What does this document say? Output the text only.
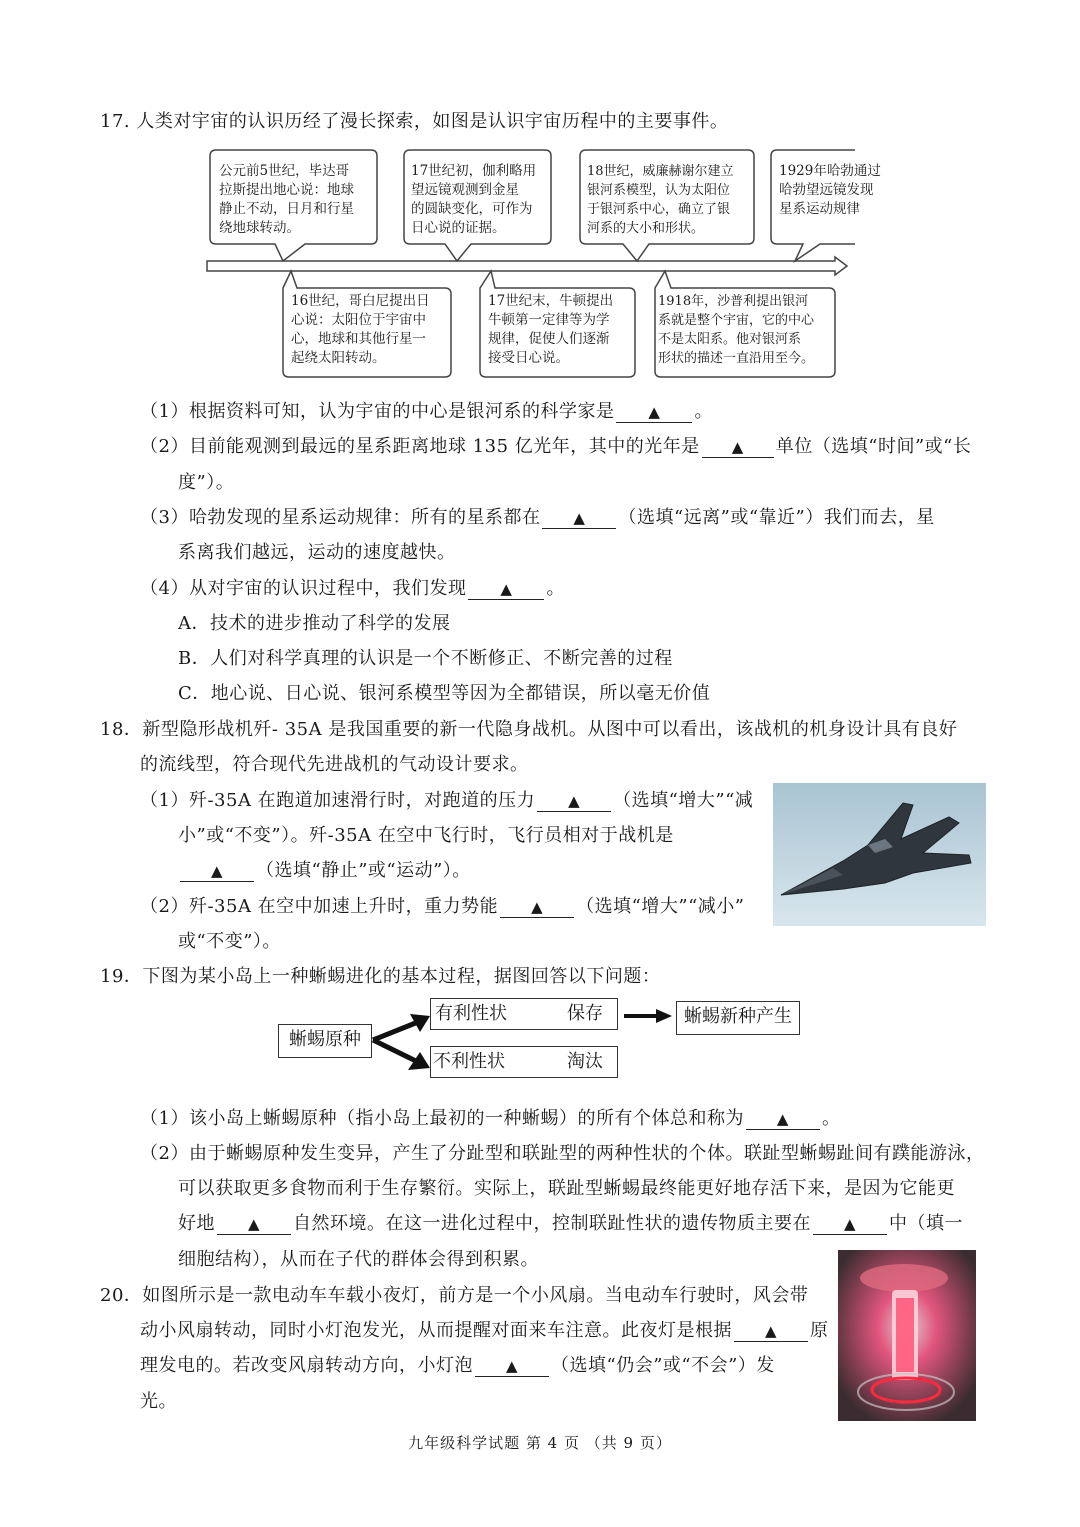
17. 人类对宇宙的认识历经了漫长探索，如图是认识宇宙历程中的主要事件。
公元前5世纪，毕达哥
拉斯提出地心说：地球
静止不动，日月和行星
绕地球转动。
17世纪初，伽利略用
望远镜观测到金星
的圆缺变化，可作为
日心说的证据。
18世纪，威廉赫谢尔建立
银河系模型，认为太阳位
于银河系中心，确立了银
河系的大小和形状。
1929年哈勃通过
哈勃望远镜发现
星系运动规律
16世纪，哥白尼提出日
心说：太阳位于宇宙中
心，地球和其他行星一
起绕太阳转动。
17世纪末，牛顿提出
牛顿第一定律等为学
规律，促使人们逐渐
接受日心说。
1918年，沙普利提出银河
系就是整个宇宙，它的中心
不是太阳系。他对银河系
形状的描述一直沿用至今。
（1）根据资料可知，认为宇宙的中心是银河系的科学家是 ▲ 。
（2）目前能观测到最远的星系距离地球 135 亿光年，其中的光年是 ▲ 单位（选填“时间”或“长
度”）。
（3）哈勃发现的星系运动规律：所有的星系都在 ▲ （选填“远离”或“靠近”）我们而去，星
系离我们越远，运动的速度越快。
（4）从对宇宙的认识过程中，我们发现 ▲ 。
A．技术的进步推动了科学的发展
B．人们对科学真理的认识是一个不断修正、不断完善的过程
C．地心说、日心说、银河系模型等因为全都错误，所以毫无价值
18．新型隐形战机歼- 35A 是我国重要的新一代隐身战机。从图中可以看出，该战机的机身设计具有良好
的流线型，符合现代先进战机的气动设计要求。
（1）歼-35A 在跑道加速滑行时，对跑道的压力 ▲ （选填“增大”“减
小”或“不变”）。歼-35A 在空中飞行时，飞行员相对于战机是
▲ （选填“静止”或“运动”）。
（2）歼-35A 在空中加速上升时，重力势能 ▲ （选填“增大”“减小”
或“不变”）。
19．下图为某小岛上一种蜥蜴进化的基本过程，据图回答以下问题：
蜥蜴原种
有利性状	保存
不利性状	淘汰
蜥蜴新种产生
（1）该小岛上蜥蜴原种（指小岛上最初的一种蜥蜴）的所有个体总和称为 ▲ 。
（2）由于蜥蜴原种发生变异，产生了分趾型和联趾型的两种性状的个体。联趾型蜥蜴趾间有蹼能游泳，
可以获取更多食物而利于生存繁衍。实际上，联趾型蜥蜴最终能更好地存活下来，是因为它能更
好地 ▲ 自然环境。在这一进化过程中，控制联趾性状的遗传物质主要在 ▲ 中（填一
细胞结构），从而在子代的群体会得到积累。
20．如图所示是一款电动车车载小夜灯，前方是一个小风扇。当电动车行驶时，风会带
动小风扇转动，同时小灯泡发光，从而提醒对面来车注意。此夜灯是根据 ▲ 原
理发电的。若改变风扇转动方向，小灯泡 ▲ （选填“仍会”或“不会”）发
光。
九年级科学试题 第 4 页 （共 9 页）
